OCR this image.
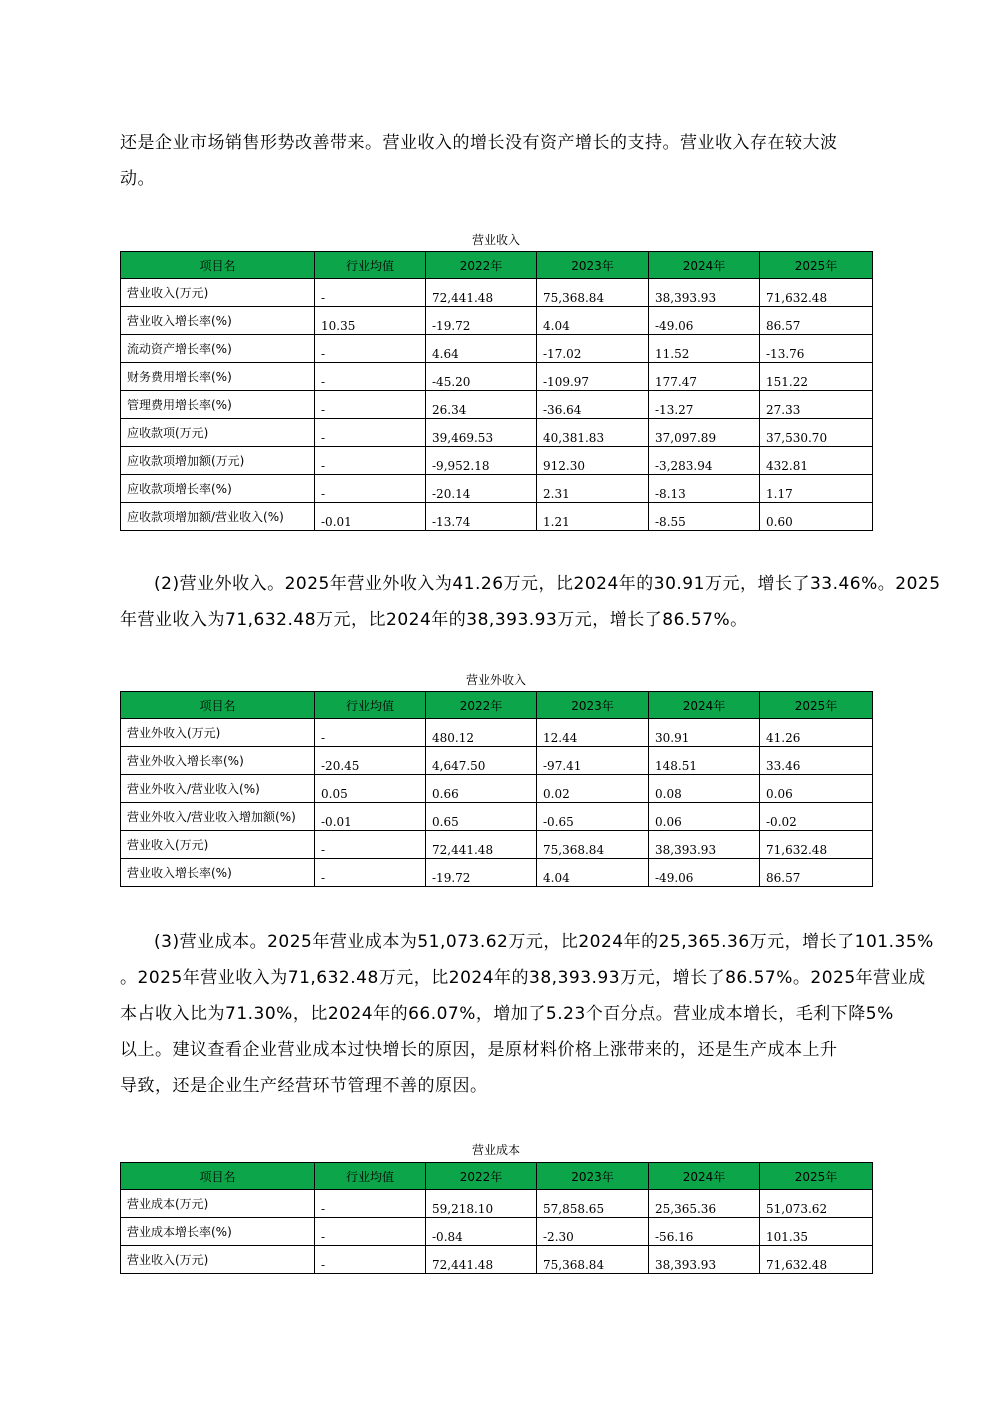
还是企业市场销售形势改善带来。营业收入的增长没有资产增长的支持。营业收入存在较大波
动。
营业收入
项目名	行业均值	2022年	2023年	2024年	2025年
营业收入(万元)	-	72,441.48	75,368.84	38,393.93	71,632.48
营业收入增长率(%)	10.35	-19.72	4.04	-49.06	86.57
流动资产增长率(%)	-	4.64	-17.02	11.52	-13.76
财务费用增长率(%)	-	-45.20	-109.97	177.47	151.22
管理费用增长率(%)	-	26.34	-36.64	-13.27	27.33
应收款项(万元)	-	39,469.53	40,381.83	37,097.89	37,530.70
应收款项增加额(万元)	-	-9,952.18	912.30	-3,283.94	432.81
应收款项增长率(%)	-	-20.14	2.31	-8.13	1.17
应收款项增加额/营业收入(%)	-0.01	-13.74	1.21	-8.55	0.60
(2)营业外收入。2025年营业外收入为41.26万元，比2024年的30.91万元，增长了33.46%。2025
年营业收入为71,632.48万元，比2024年的38,393.93万元，增长了86.57%。
营业外收入
项目名	行业均值	2022年	2023年	2024年	2025年
营业外收入(万元)	-	480.12	12.44	30.91	41.26
营业外收入增长率(%)	-20.45	4,647.50	-97.41	148.51	33.46
营业外收入/营业收入(%)	0.05	0.66	0.02	0.08	0.06
营业外收入/营业收入增加额(%)	-0.01	0.65	-0.65	0.06	-0.02
营业收入(万元)	-	72,441.48	75,368.84	38,393.93	71,632.48
营业收入增长率(%)	-	-19.72	4.04	-49.06	86.57
(3)营业成本。2025年营业成本为51,073.62万元，比2024年的25,365.36万元，增长了101.35%
。2025年营业收入为71,632.48万元，比2024年的38,393.93万元，增长了86.57%。2025年营业成
本占收入比为71.30%，比2024年的66.07%，增加了5.23个百分点。营业成本增长，毛利下降5%
以上。建议查看企业营业成本过快增长的原因，是原材料价格上涨带来的，还是生产成本上升
导致，还是企业生产经营环节管理不善的原因。
营业成本
项目名	行业均值	2022年	2023年	2024年	2025年
营业成本(万元)	-	59,218.10	57,858.65	25,365.36	51,073.62
营业成本增长率(%)	-	-0.84	-2.30	-56.16	101.35
营业收入(万元)	-	72,441.48	75,368.84	38,393.93	71,632.48
